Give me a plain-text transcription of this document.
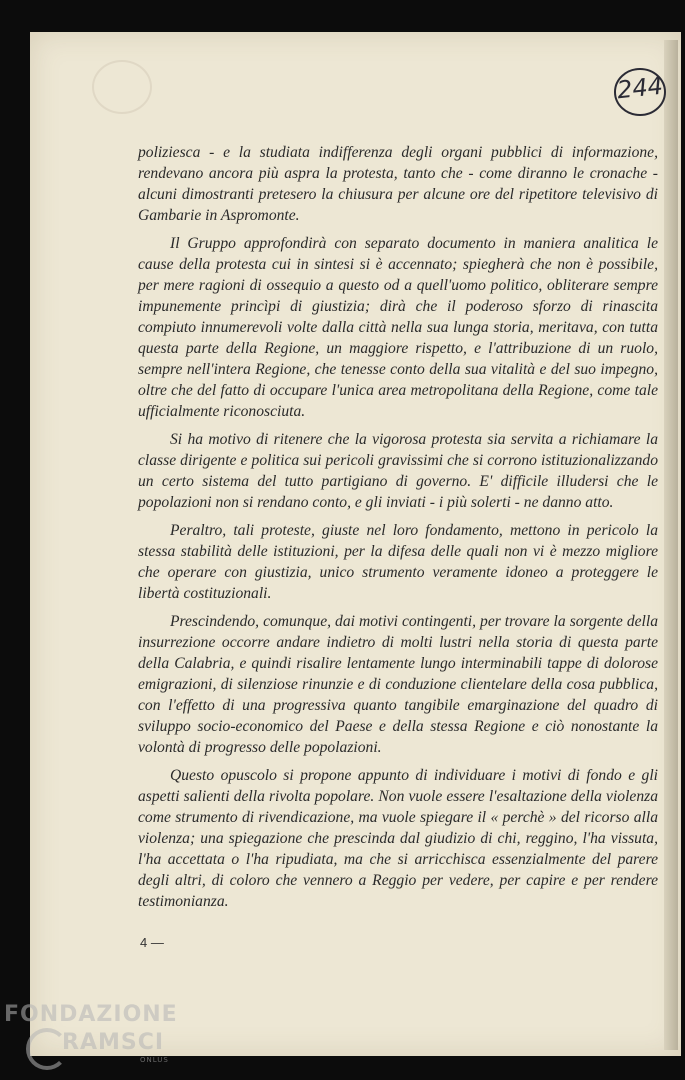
244

poliziesca - e la studiata indifferenza degli organi pubblici di informazione, rendevano ancora più aspra la protesta, tanto che - come diranno le cronache - alcuni dimostranti pretesero la chiusura per alcune ore del ripetitore televisivo di Gambarie in Aspromonte.

Il Gruppo approfondirà con separato documento in maniera analitica le cause della protesta cui in sintesi si è accennato; spiegherà che non è possibile, per mere ragioni di ossequio a questo od a quell'uomo politico, obliterare sempre impunemente princìpi di giustizia; dirà che il poderoso sforzo di rinascita compiuto innumerevoli volte dalla città nella sua lunga storia, meritava, con tutta questa parte della Regione, un maggiore rispetto, e l'attribuzione di un ruolo, sempre nell'intera Regione, che tenesse conto della sua vitalità e del suo impegno, oltre che del fatto di occupare l'unica area metropolitana della Regione, come tale ufficialmente riconosciuta.

Si ha motivo di ritenere che la vigorosa protesta sia servita a richiamare la classe dirigente e politica sui pericoli gravissimi che si corrono istituzionalizzando un certo sistema del tutto partigiano di governo. E' difficile illudersi che le popolazioni non si rendano conto, e gli inviati - i più solerti - ne danno atto.

Peraltro, tali proteste, giuste nel loro fondamento, mettono in pericolo la stessa stabilità delle istituzioni, per la difesa delle quali non vi è mezzo migliore che operare con giustizia, unico strumento veramente idoneo a proteggere le libertà costituzionali.

Prescindendo, comunque, dai motivi contingenti, per trovare la sorgente della insurrezione occorre andare indietro di molti lustri nella storia di questa parte della Calabria, e quindi risalire lentamente lungo interminabili tappe di dolorose emigrazioni, di silenziose rinunzie e di conduzione clientelare della cosa pubblica, con l'effetto di una progressiva quanto tangibile emarginazione del quadro di sviluppo socio-economico del Paese e della stessa Regione e ciò nonostante la volontà di progresso delle popolazioni.

Questo opuscolo si propone appunto di individuare i motivi di fondo e gli aspetti salienti della rivolta popolare. Non vuole essere l'esaltazione della violenza come strumento di rivendicazione, ma vuole spiegare il « perchè » del ricorso alla violenza; una spiegazione che prescinda dal giudizio di chi, reggino, l'ha vissuta, l'ha accettata o l'ha ripudiata, ma che si arricchisca essenzialmente del parere degli altri, di coloro che vennero a Reggio per vedere, per capire e per rendere testimonianza.

4 —
FONDAZIONE
RAMSCI
ONLUS
